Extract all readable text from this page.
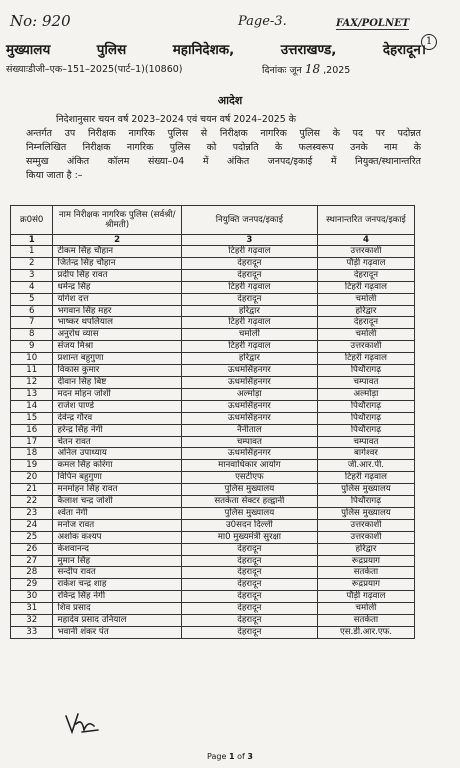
No: 920	Page-3.	FAX/POLNET
1
मुख्यालय	पुलिस	महानिदेशक,	उत्तराखण्ड,	देहरादून।
संख्याःडीजी–एक–151–2025(पार्ट–1)(10860)	दिनांकः जून 18 ,2025
आदेश
निदेशानुसार चयन वर्ष 2023–2024 एवं चयन वर्ष 2024–2025 के
अन्तर्गत उप निरीक्षक नागरिक पुलिस से निरीक्षक नागरिक पुलिस के पद पर पदोन्नत
निम्नलिखित निरीक्षक नागरिक पुलिस को पदोन्नति के फलस्वरूप उनके नाम के
सम्मुख अंकित कॉलम संख्या–04 में अंकित जनपद/इकाई में नियुक्त/स्थानान्तरित
किया जाता है :–
क्र0सं0	नाम निरीक्षक नागरिक पुलिस (सर्वश्री/श्रीमती)	नियुक्ति जनपद/इकाई	स्थानान्तरित जनपद/इकाई
1	2	3	4
1	टीकम सिंह चौहान	टिहरी गढ़वाल	उत्तरकाशी
2	जितेन्द्र सिंह चौहान	देहरादून	पौड़ी गढ़वाल
3	प्रदीप सिंह रावत	देहरादून	देहरादून
4	धर्मेन्द्र सिंह	टिहरी गढ़वाल	टिहरी गढ़वाल
5	योगेश दत्त	देहरादून	चमोली
6	भगवान सिंह महर	हरिद्वार	हरिद्वार
7	भाष्कर थपलियाल	टिहरी गढ़वाल	देहरादून
8	अनुरोध व्यास	चमोली	चमोली
9	संजय मिश्रा	टिहरी गढ़वाल	उत्तरकाशी
10	प्रशान्त बहुगुणा	हरिद्वार	टिहरी गढ़वाल
11	विकास कुमार	ऊधमसिंहनगर	पिथौरागढ़
12	दीवान सिंह बिष्ट	ऊधमसिंहनगर	चम्पावत
13	मदन मोहन जोशी	अल्मोड़ा	अल्मोड़ा
14	राजेश पाण्डे	ऊधमसिंहनगर	पिथौरागढ़
15	देवेन्द्र गौरव	ऊधमसिंहनगर	पिथौरागढ़
16	हरेन्द्र सिंह नेगी	नैनीताल	पिथौरागढ़
17	चेतन रावत	चम्पावत	चम्पावत
18	अनिल उपाध्याय	ऊधमसिंहनगर	बागेश्वर
19	कमल सिंह कोरंगा	मानवाधिकार आयोग	जी.आर.पी.
20	विपिन बहुगुणा	एसटीएफ	टिहरी गढ़वाल
21	मनमोहन सिंह रावत	पुलिस मुख्यालय	पुलिस मुख्यालय
22	कैलाश चन्द्र जोशी	सतर्कता सेक्टर हल्द्वानी	पिथौरागढ़
23	श्वेता नेगी	पुलिस मुख्यालय	पुलिस मुख्यालय
24	मनोज रावत	उ0सदन दिल्ली	उत्तरकाशी
25	अशोक कश्यप	मा0 मुख्यमंत्री सुरक्षा	उत्तरकाशी
26	केशवानन्द	देहरादून	हरिद्वार
27	मुमान सिंह	देहरादून	रूद्रप्रयाग
28	सन्दीप रावत	देहरादून	सतर्कता
29	राकेश चन्द्र शाह	देहरादून	रूद्रप्रयाग
30	रविन्द्र सिंह नेगी	देहरादून	पौड़ी गढ़वाल
31	शिव प्रसाद	देहरादून	चमोली
32	महादेव प्रसाद उनियाल	देहरादून	सतर्कता
33	भवानी शंकर पंत	देहरादून	एस.डी.आर.एफ.
Page 1 of 3
